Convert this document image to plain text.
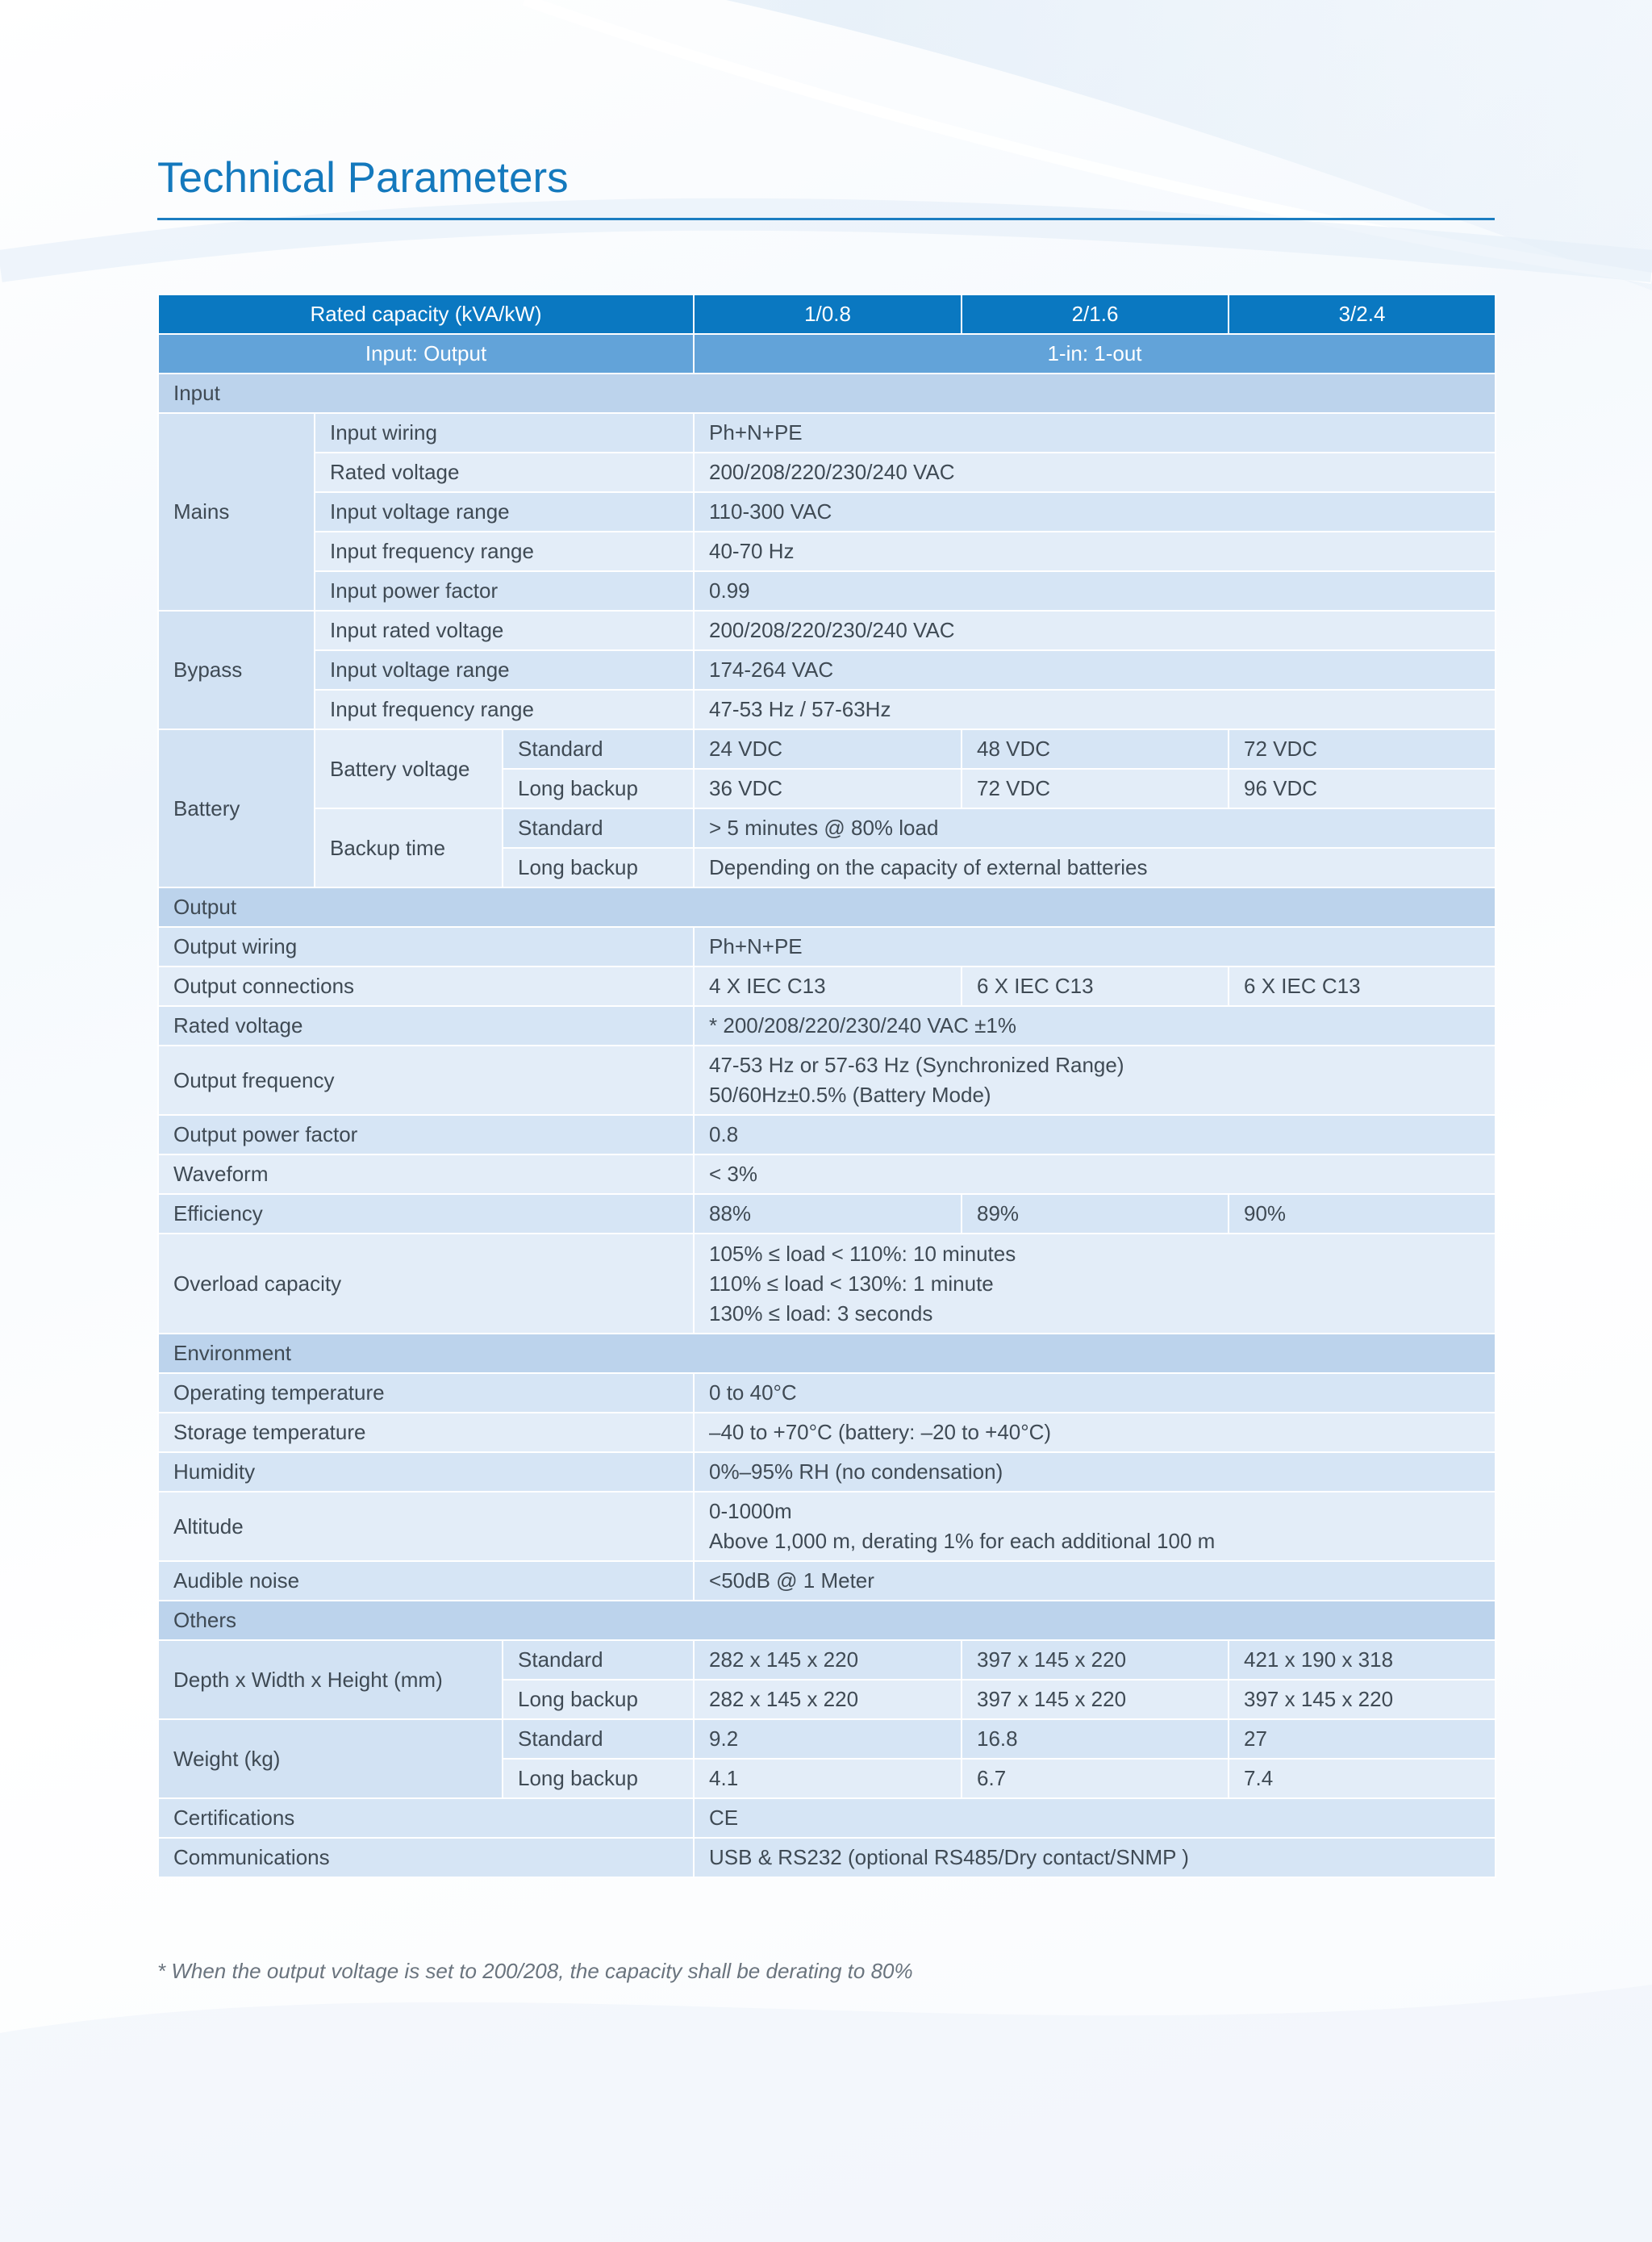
Technical Parameters
Rated capacity (kVA/kW)			1/0.8	2/1.6	3/2.4
Input: Output			1-in: 1-out		
Input					
Mains	Input wiring		Ph+N+PE		
	Rated voltage		200/208/220/230/240 VAC		
	Input voltage range		110-300 VAC		
	Input frequency range		40-70 Hz		
	Input power factor		0.99		
Bypass	Input rated voltage		200/208/220/230/240 VAC		
	Input voltage range		174-264 VAC		
	Input frequency range		47-53 Hz / 57-63Hz		
Battery	Battery voltage	Standard	24 VDC	48 VDC	72 VDC
		Long backup	36 VDC	72 VDC	96 VDC
	Backup time	Standard	> 5 minutes @ 80% load		
		Long backup	Depending on the capacity of external batteries		
Output					
Output wiring			Ph+N+PE		
Output connections			4 X IEC C13	6 X IEC C13	6 X IEC C13
Rated voltage			* 200/208/220/230/240 VAC ±1%		
Output frequency			47-53 Hz or 57-63 Hz (Synchronized Range)
50/60Hz±0.5% (Battery Mode)		

Output power factor			0.8		
Waveform			< 3%		
Efficiency			88%	89%	90%
Overload capacity			105% ≤ load < 110%: 10 minutes
110% ≤ load < 130%: 1 minute
130% ≤ load: 3 seconds		

Environment					
Operating temperature			0 to 40°C		
Storage temperature			–40 to +70°C (battery: –20 to +40°C)		
Humidity			0%–95% RH (no condensation)		
Altitude			0-1000m
Above 1,000 m, derating 1% for each additional 100 m		

Audible noise			<50dB @ 1 Meter		
Others					
Depth x Width x Height (mm)		Standard	282 x 145 x 220	397 x 145 x 220	421 x 190 x 318
		Long backup	282 x 145 x 220	397 x 145 x 220	397 x 145 x 220
Weight (kg)		Standard	9.2	16.8	27
		Long backup	4.1	6.7	7.4
Certifications			CE		
Communications			USB & RS232 (optional RS485/Dry contact/SNMP )		

* When the output voltage is set to 200/208, the capacity shall be derating to 80%
